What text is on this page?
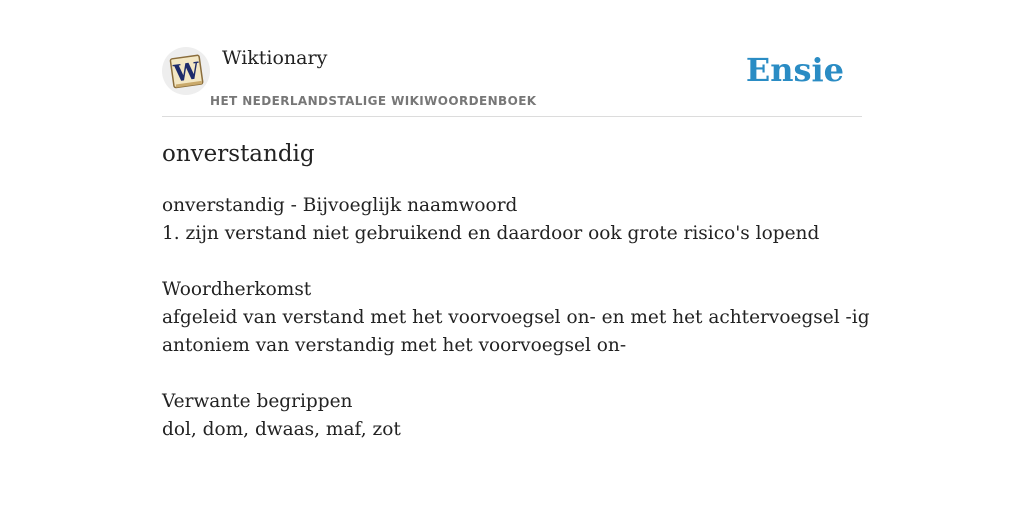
W Wiktionary
HET NEDERLANDSTALIGE WIKIWOORDENBOEK
Ensie
onverstandig
onverstandig - Bijvoeglijk naamwoord
1. zijn verstand niet gebruikend en daardoor ook grote risico's lopend
Woordherkomst
afgeleid van verstand met het voorvoegsel on- en met het achtervoegsel -ig
antoniem van verstandig met het voorvoegsel on-
Verwante begrippen
dol, dom, dwaas, maf, zot
